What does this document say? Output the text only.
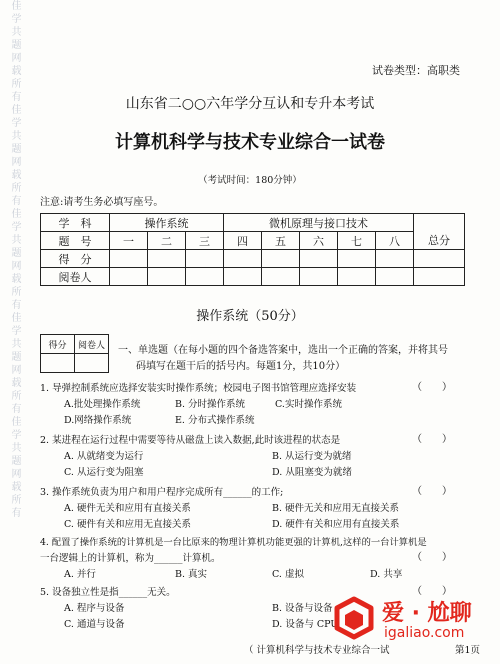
佳学共题网载所有佳学共题网载所有佳学共题网载所有佳学共题网载所有佳学共题网载所有	试卷类型：高职类
山东省二○○六年学分互认和专升本考试
计算机科学与技术专业综合一试卷
（考试时间：180分钟）
注意:请考生务必填写座号。
学　科	操作系统			微机原理与接口技术					
题　号	一	二	三	四	五	六	七	八	总分
得　分									
阅卷人									
操作系统（50分）
得分	阅卷人
	一、单选题（在每小题的四个备选答案中，选出一个正确的答案，并将其号
码填写在题干后的括号内。每题1分，共10分）
1. 导弹控制系统应选择安装实时操作系统；校园电子图书馆管理应选择安装	（　　）
A.批处理操作系统	B. 分时操作系统	C.实时操作系统
D.网络操作系统	E. 分布式操作系统
2. 某进程在运行过程中需要等待从磁盘上读入数据,此时该进程的状态是	（　　）
A. 从就绪变为运行	B. 从运行变为就绪
C. 从运行变为阻塞	D. 从阻塞变为就绪
3. 操作系统负责为用户和用户程序完成所有______的工作;	（　　）
A. 硬件无关和应用有直接关系	B. 硬件无关和应用无直接关系
C. 硬件有关和应用无直接关系	D. 硬件有关和应用有直接关系
4. 配置了操作系统的计算机是一台比原来的物理计算机功能更强的计算机,这样的一台计算机是
一台逻辑上的计算机，称为______计算机。	（　　）
A. 并行	B. 真实	C. 虚拟	D. 共享
5. 设备独立性是指______无关。	（　　）
A. 程序与设备	B. 设备与设备
C. 通道与设备	D. 设备与 CPU
（ 计算机科学与技术专业综合一试	第1页
爱 · 尬聊
igaliao.com
